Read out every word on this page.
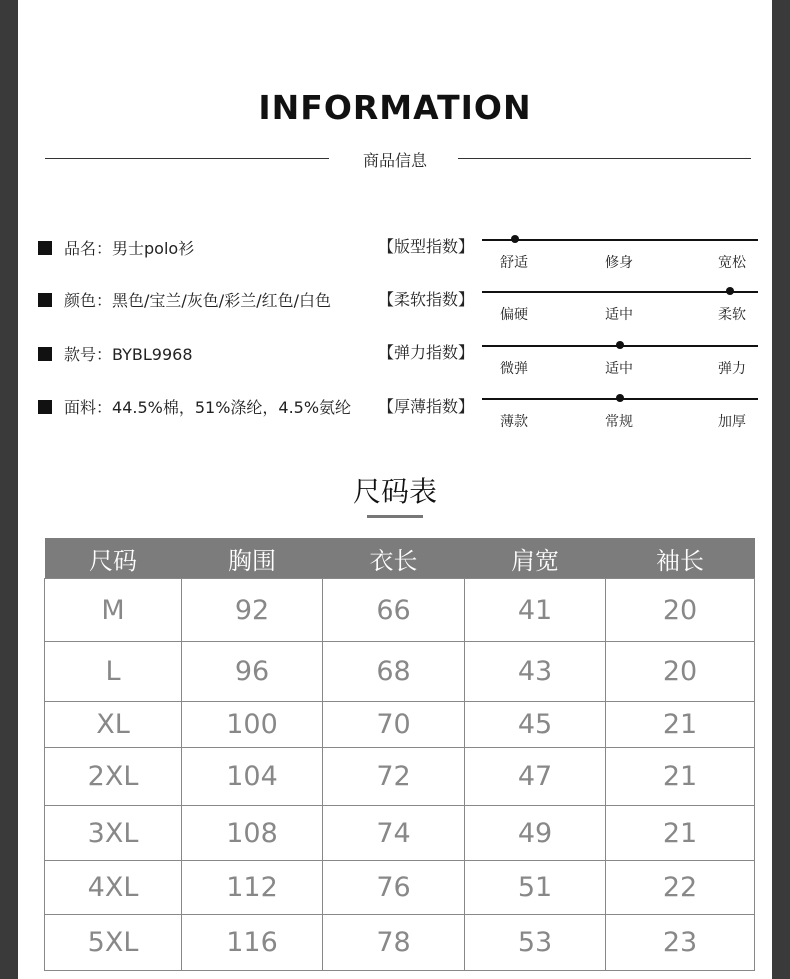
INFORMATION
商品信息
品名：男士polo衫
颜色：黑色/宝兰/灰色/彩兰/红色/白色
款号：BYBL9968
面料：44.5%棉，51%涤纶，4.5%氨纶
【版型指数】
舒适	修身	宽松
【柔软指数】
偏硬	适中	柔软
【弹力指数】
微弹	适中	弹力
【厚薄指数】
薄款	常规	加厚
尺码表
尺码	胸围	衣长	肩宽	袖长
M	92	66	41	20
L	96	68	43	20
XL	100	70	45	21
2XL	104	72	47	21
3XL	108	74	49	21
4XL	112	76	51	22
5XL	116	78	53	23
